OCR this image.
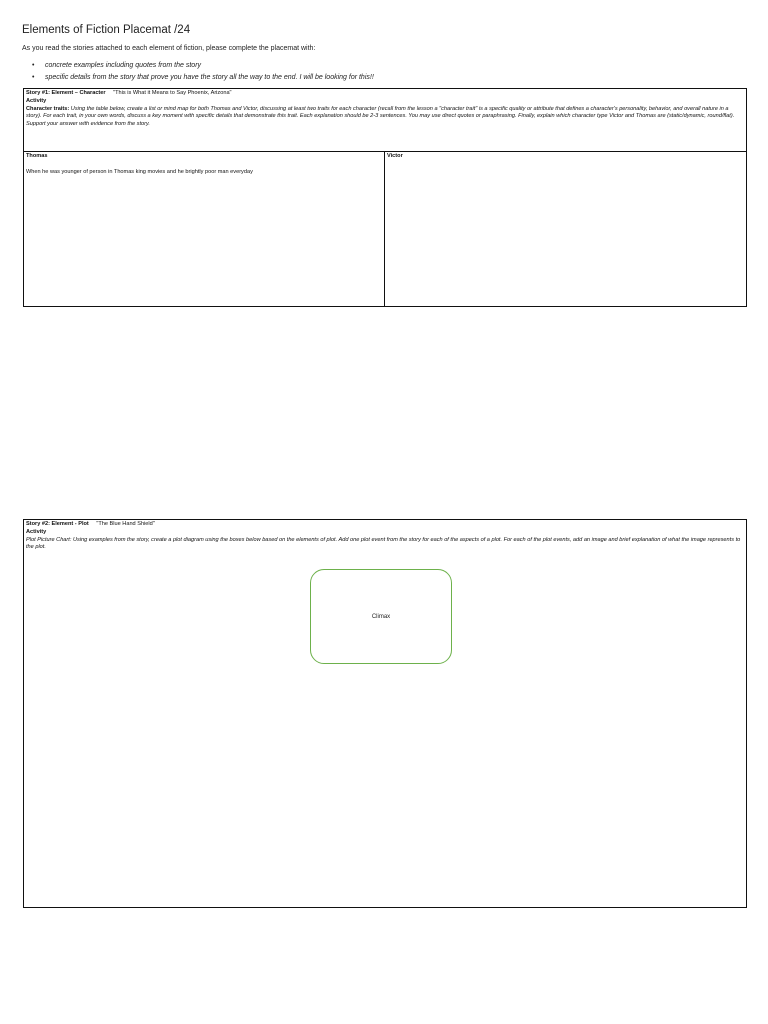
Elements of Fiction Placemat /24
As you read the stories attached to each element of fiction, please complete the placemat with:
• concrete examples including quotes from the story
• specific details from the story that prove you have the story all the way to the end. I will be looking for this!!
Story #1: Element – Character "This is What it Means to Say Phoenix, Arizona"
Activity
Character traits: Using the table below, create a list or mind map for both Thomas and Victor, discussing at least two traits for each character (recall from the lesson a "character trait" is a specific quality or attribute that defines a character's personality, behavior, and overall nature in a story). For each trait, in your own words, discuss a key moment with specific details that demonstrate this trait. Each explanation should be 2-3 sentences. You may use direct quotes or paraphrasing. Finally, explain which character type Victor and Thomas are (static/dynamic, round/flat). Support your answer with evidence from the story.
Thomas
When he was younger of person in Thomas king movies and he brightly poor man everyday
Victor
Story #2: Element - Plot "The Blue Hand Shield"
Activity
Plot Picture Chart: Using examples from the story, create a plot diagram using the boxes below based on the elements of plot. Add one plot event from the story for each of the aspects of a plot. For each of the plot events, add an image and brief explanation of what the image represents to the plot.
Climax
